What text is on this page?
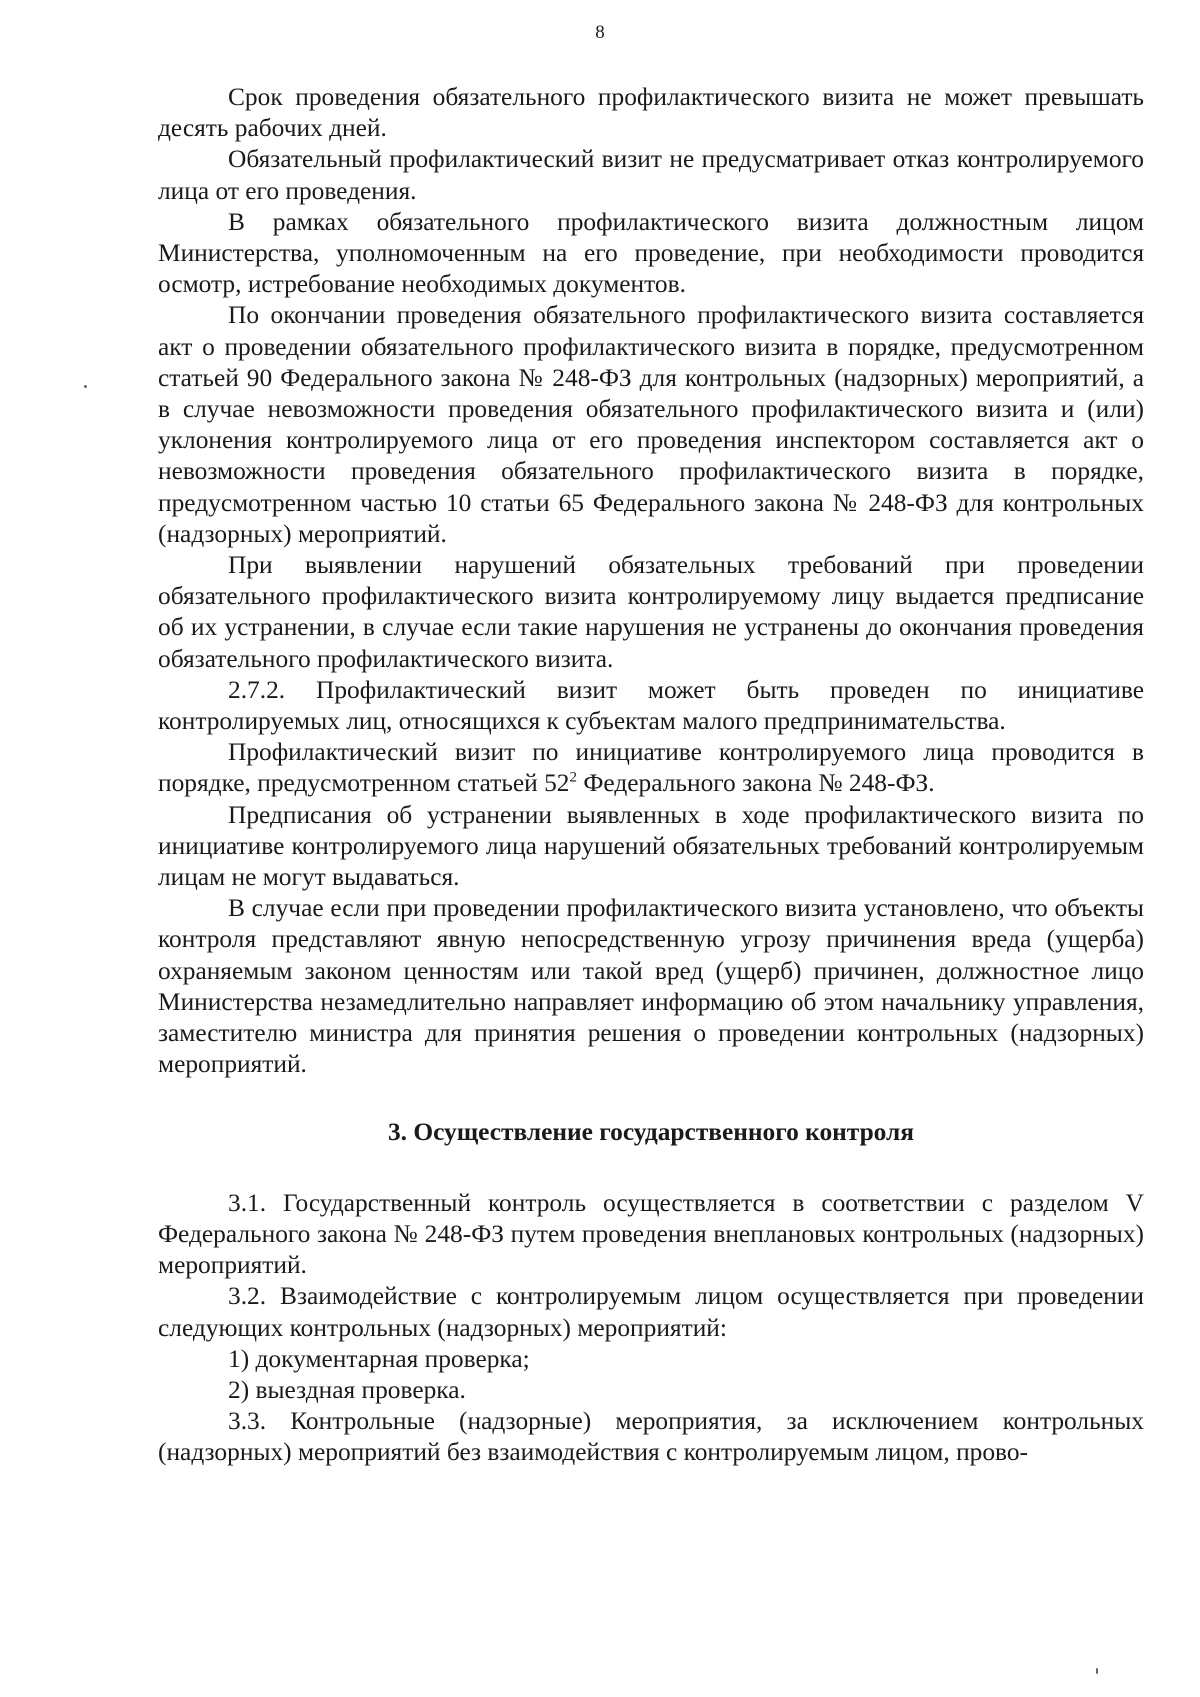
8

Срок проведения обязательного профилактического визита не может превышать десять рабочих дней.

Обязательный профилактический визит не предусматривает отказ контролируемого лица от его проведения.

В рамках обязательного профилактического визита должностным лицом Министерства, уполномоченным на его проведение, при необходимости проводится осмотр, истребование необходимых документов.

По окончании проведения обязательного профилактического визита составляется акт о проведении обязательного профилактического визита в порядке, предусмотренном статьей 90 Федерального закона № 248-ФЗ для контрольных (надзорных) мероприятий, а в случае невозможности проведения обязательного профилактического визита и (или) уклонения контролируемого лица от его проведения инспектором составляется акт о невозможности проведения обязательного профилактического визита в порядке, предусмотренном частью 10 статьи 65 Федерального закона № 248-ФЗ для контрольных (надзорных) мероприятий.

При выявлении нарушений обязательных требований при проведении обязательного профилактического визита контролируемому лицу выдается предписание об их устранении, в случае если такие нарушения не устранены до окончания проведения обязательного профилактического визита.

2.7.2. Профилактический визит может быть проведен по инициативе контролируемых лиц, относящихся к субъектам малого предпринимательства.

Профилактический визит по инициативе контролируемого лица проводится в порядке, предусмотренном статьей $52^2$ Федерального закона № 248-ФЗ.

Предписания об устранении выявленных в ходе профилактического визита по инициативе контролируемого лица нарушений обязательных требований контролируемым лицам не могут выдаваться.

В случае если при проведении профилактического визита установлено, что объекты контроля представляют явную непосредственную угрозу причинения вреда (ущерба) охраняемым законом ценностям или такой вред (ущерб) причинен, должностное лицо Министерства незамедлительно направляет информацию об этом начальнику управления, заместителю министра для принятия решения о проведении контрольных (надзорных) мероприятий.

3. Осуществление государственного контроля

3.1. Государственный контроль осуществляется в соответствии с разделом V Федерального закона № 248-ФЗ путем проведения внеплановых контрольных (надзорных) мероприятий.

3.2. Взаимодействие с контролируемым лицом осуществляется при проведении следующих контрольных (надзорных) мероприятий:

1) документарная проверка;

2) выездная проверка.

3.3. Контрольные (надзорные) мероприятия, за исключением контрольных (надзорных) мероприятий без взаимодействия с контролируемым лицом, прово-
